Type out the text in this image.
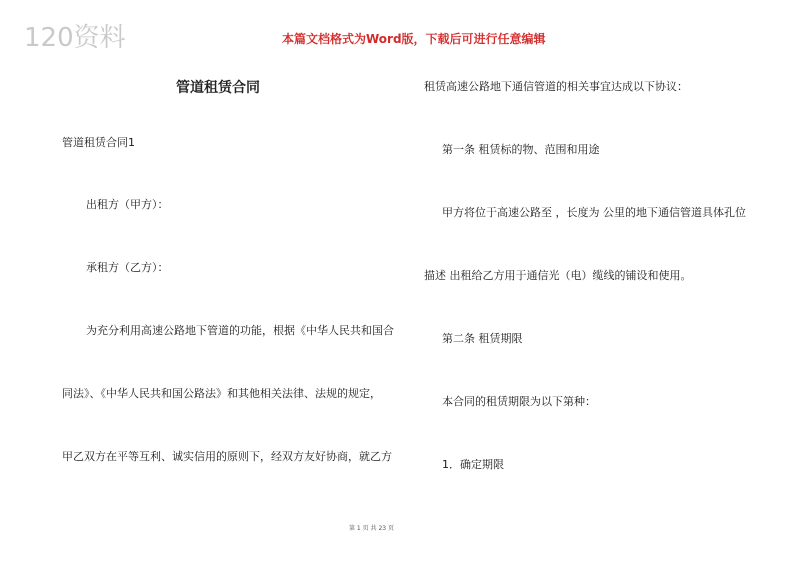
120资料	本篇文档格式为Word版，下载后可进行任意编辑
管道租赁合同
管道租赁合同1
出租方（甲方）：
承租方（乙方）：
为充分利用高速公路地下管道的功能，根据《中华人民共和国合
同法》、《中华人民共和国公路法》和其他相关法律、法规的规定，
甲乙双方在平等互利、诚实信用的原则下，经双方友好协商，就乙方
租赁高速公路地下通信管道的相关事宜达成以下协议：
第一条 租赁标的物、范围和用途
甲方将位于高速公路至 ，长度为 公里的地下通信管道具体孔位
描述 出租给乙方用于通信光（电）缆线的铺设和使用。
第二条 租赁期限
本合同的租赁期限为以下第种：
1．确定期限
第 1 页 共 23 页
